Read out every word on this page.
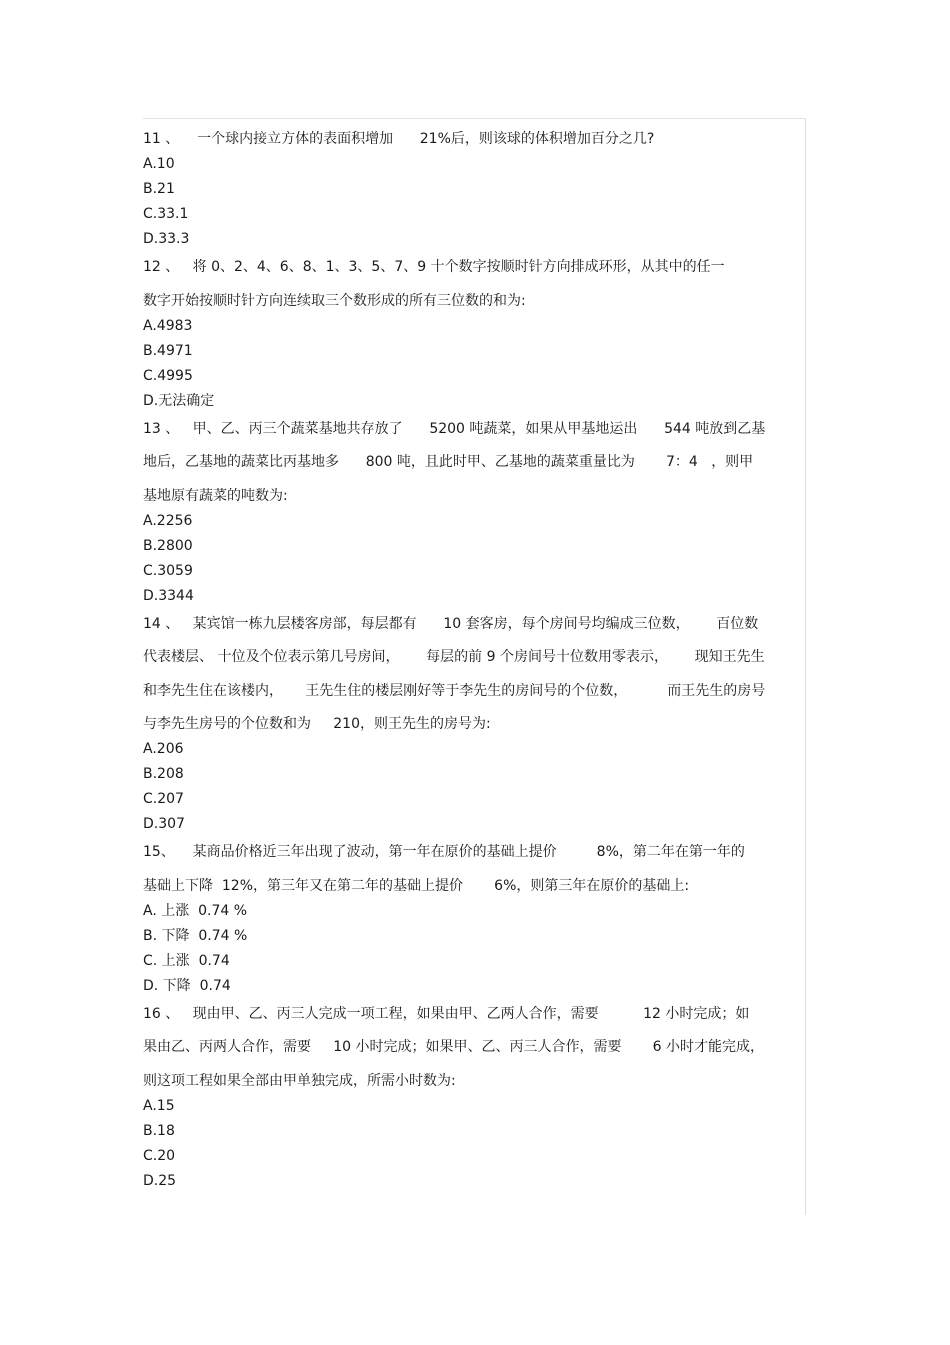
11 、    一个球内接立方体的表面积增加      21%后，则该球的体积增加百分之几?
A.10
B.21
C.33.1
D.33.3
12 、   将 0、2、4、6、8、1、3、5、7、9 十个数字按顺时针方向排成环形，从其中的任一
数字开始按顺时针方向连续取三个数形成的所有三位数的和为:
A.4983
B.4971
C.4995
D.无法确定
13 、   甲、乙、丙三个蔬菜基地共存放了      5200 吨蔬菜，如果从甲基地运出      544 吨放到乙基
地后，乙基地的蔬菜比丙基地多      800 吨，且此时甲、乙基地的蔬菜重量比为       7：4   ，则甲
基地原有蔬菜的吨数为:
A.2256
B.2800
C.3059
D.3344
14 、   某宾馆一栋九层楼客房部，每层都有      10 套客房，每个房间号均编成三位数，      百位数
代表楼层、 十位及个位表示第几号房间，      每层的前 9 个房间号十位数用零表示，      现知王先生
和李先生住在该楼内，     王先生住的楼层刚好等于李先生的房间号的个位数，         而王先生的房号
与李先生房号的个位数和为     210，则王先生的房号为:
A.206
B.208
C.207
D.307
15、    某商品价格近三年出现了波动，第一年在原价的基础上提价         8%，第二年在第一年的
基础上下降  12%，第三年又在第二年的基础上提价       6%，则第三年在原价的基础上:
A. 上涨  0.74 %
B. 下降  0.74 %
C. 上涨  0.74
D. 下降  0.74
16 、   现由甲、乙、丙三人完成一项工程，如果由甲、乙两人合作，需要          12 小时完成；如
果由乙、丙两人合作，需要     10 小时完成；如果甲、乙、丙三人合作，需要       6 小时才能完成，
则这项工程如果全部由甲单独完成，所需小时数为:
A.15
B.18
C.20
D.25
